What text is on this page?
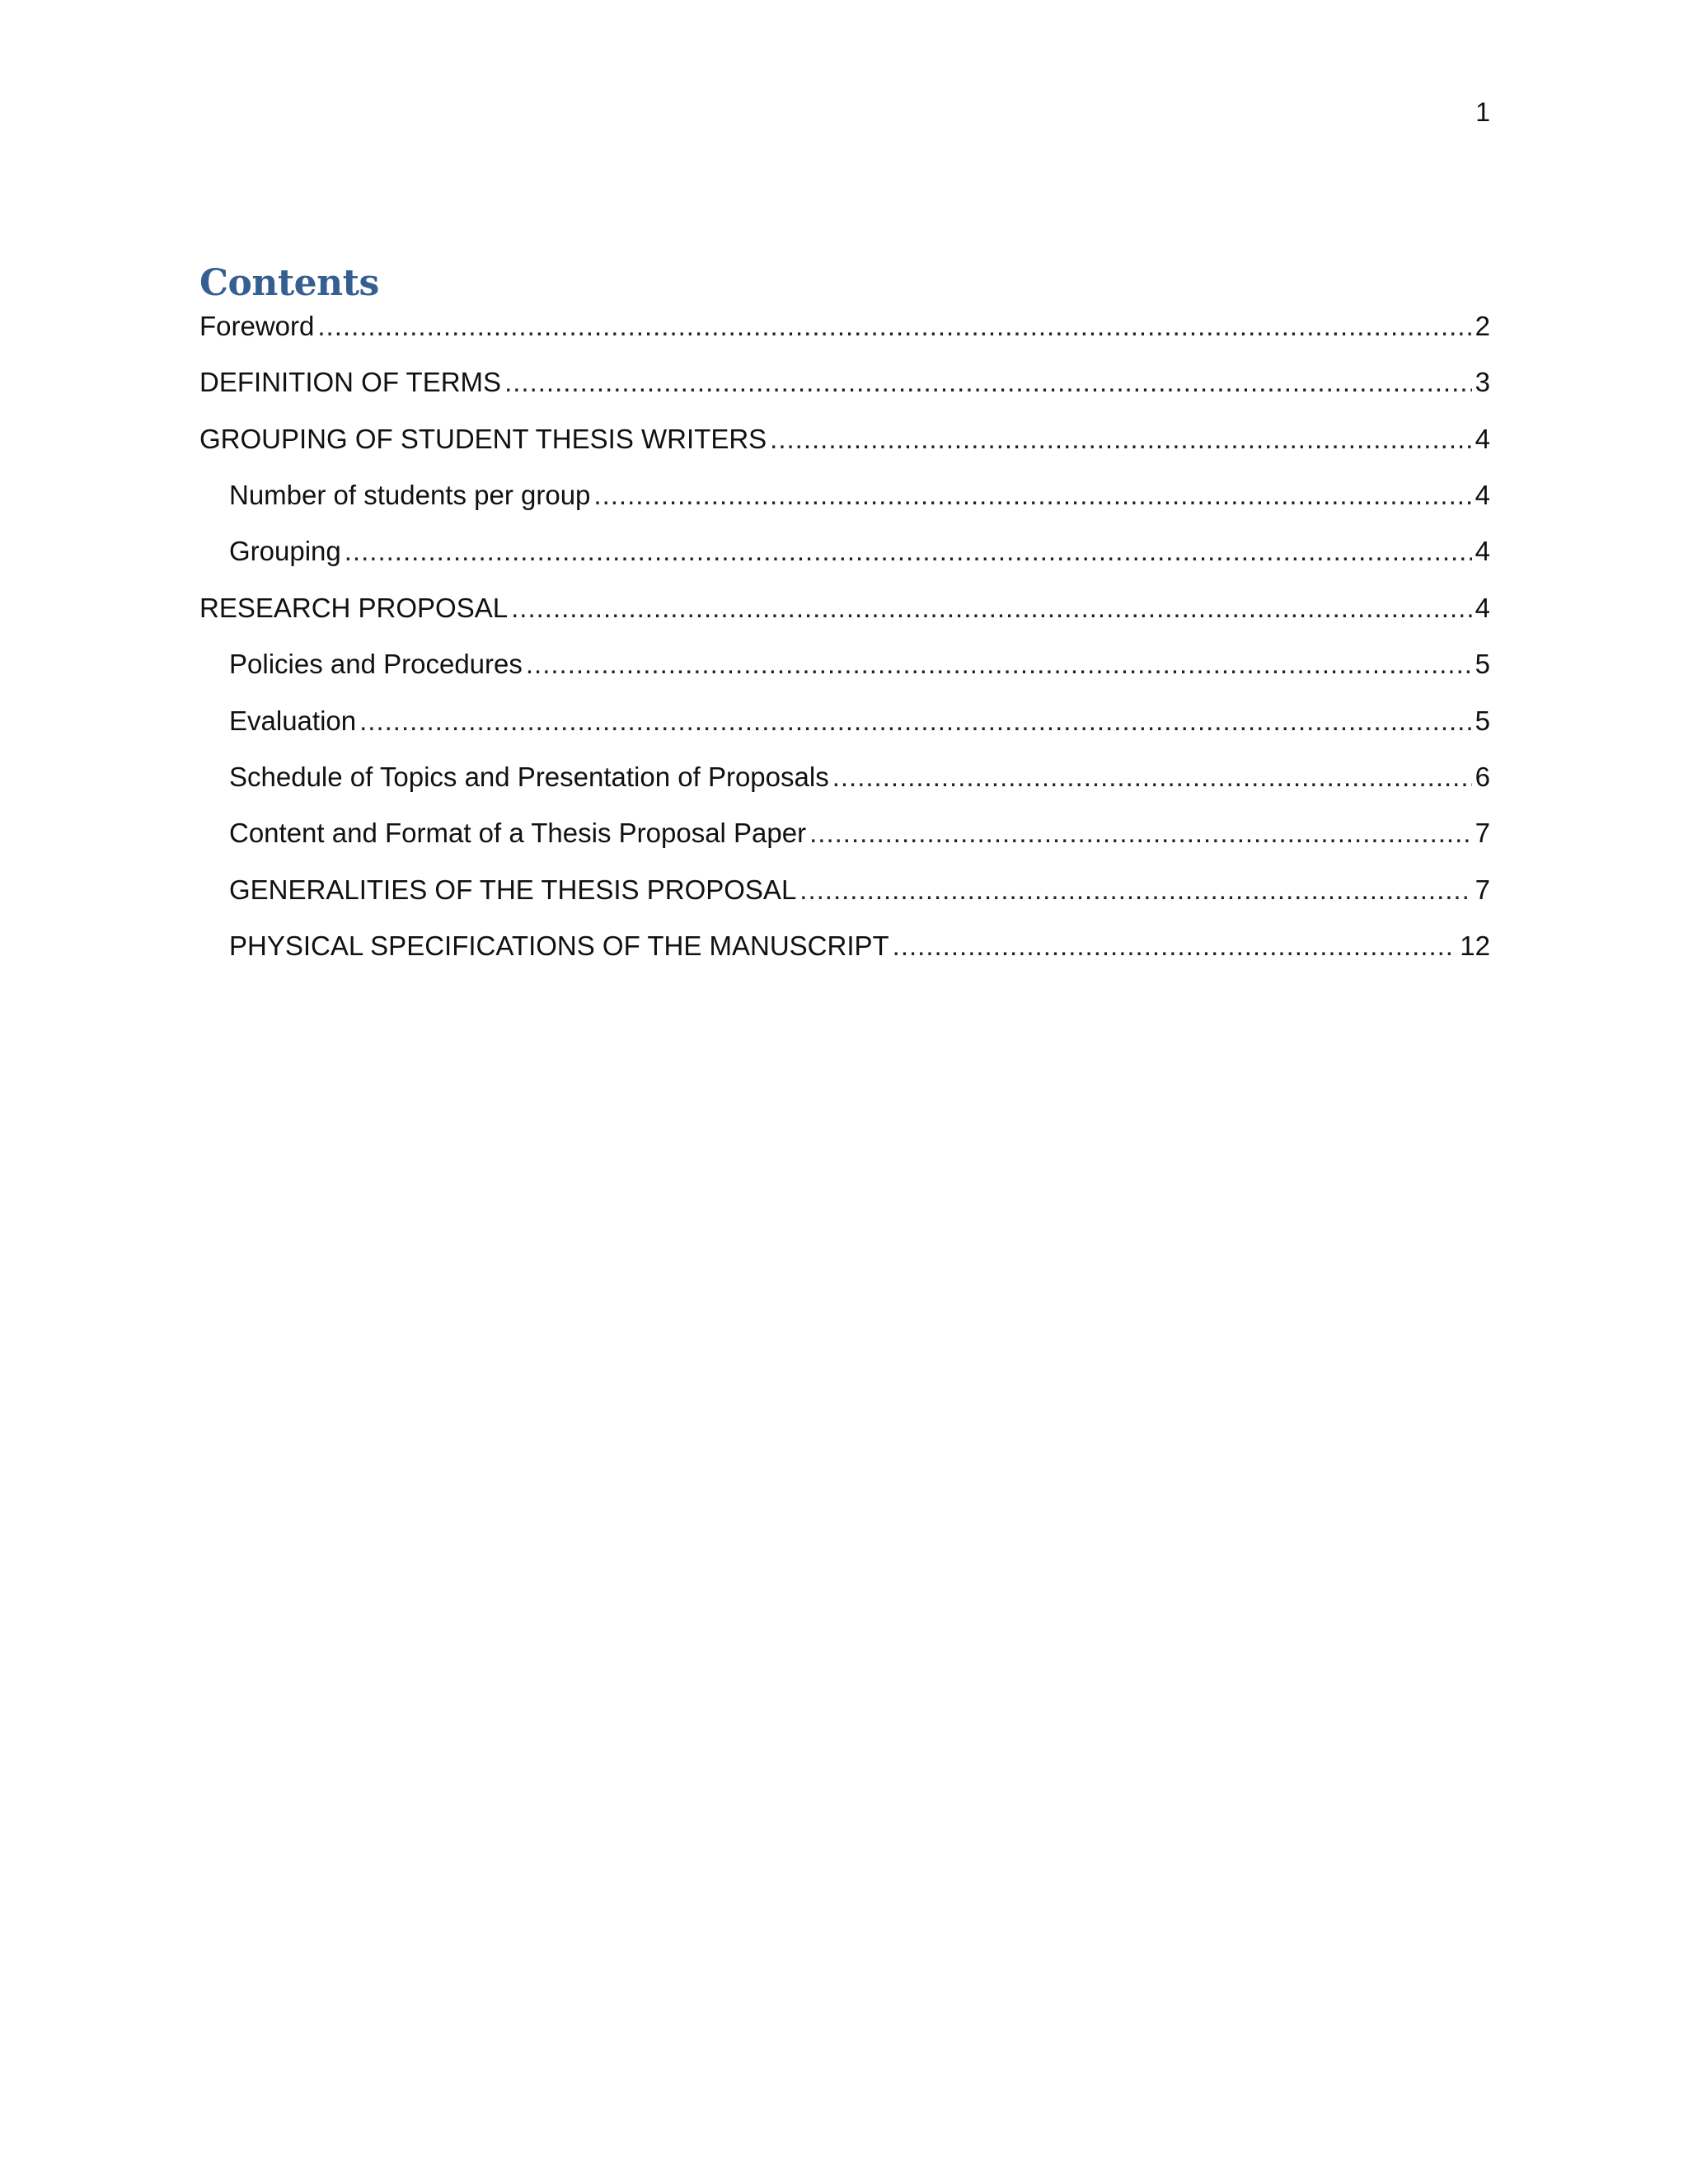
1
Contents
Foreword .....	2
DEFINITION OF TERMS .....	3
GROUPING OF STUDENT THESIS WRITERS .....	4
Number of students per group .....	4
Grouping .....	4
RESEARCH PROPOSAL .....	4
Policies and Procedures .....	5
Evaluation .....	5
Schedule of Topics and Presentation of Proposals .....	6
Content and Format of a Thesis Proposal Paper .....	7
GENERALITIES OF THE THESIS PROPOSAL .....	7
PHYSICAL SPECIFICATIONS OF THE MANUSCRIPT .....	12
